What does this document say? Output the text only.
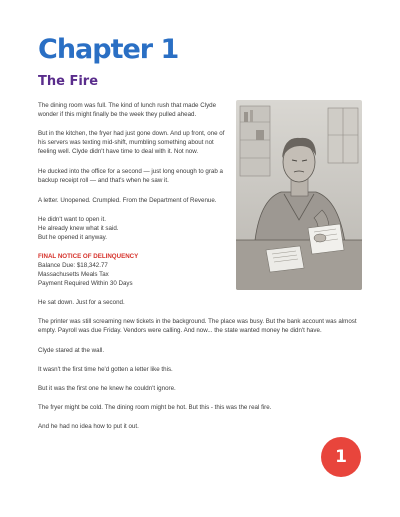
Chapter 1
The Fire

The dining room was full. The kind of lunch rush that made Clyde wonder if this might finally be the week they pulled ahead.

But in the kitchen, the fryer had just gone down. And up front, one of his servers was texting mid-shift, mumbling something about not feeling well. Clyde didn't have time to deal with it. Not now.

He ducked into the office for a second — just long enough to grab a backup receipt roll — and that's when he saw it.

A letter. Unopened. Crumpled. From the Department of Revenue.

He didn't want to open it.
He already knew what it said.
But he opened it anyway.
FINAL NOTICE OF DELINQUENCY
Balance Due: $18,342.77
Massachusetts Meals Tax
Payment Required Within 30 Days

He sat down. Just for a second.

The printer was still screaming new tickets in the background. The place was busy. But the bank account was almost empty. Payroll was due Friday. Vendors were calling. And now... the state wanted money he didn't have.

Clyde stared at the wall.

It wasn't the first time he'd gotten a letter like this.

But it was the first one he knew he couldn't ignore.

The fryer might be cold. The dining room might be hot. But this - this was the real fire.

And he had no idea how to put it out.

1
